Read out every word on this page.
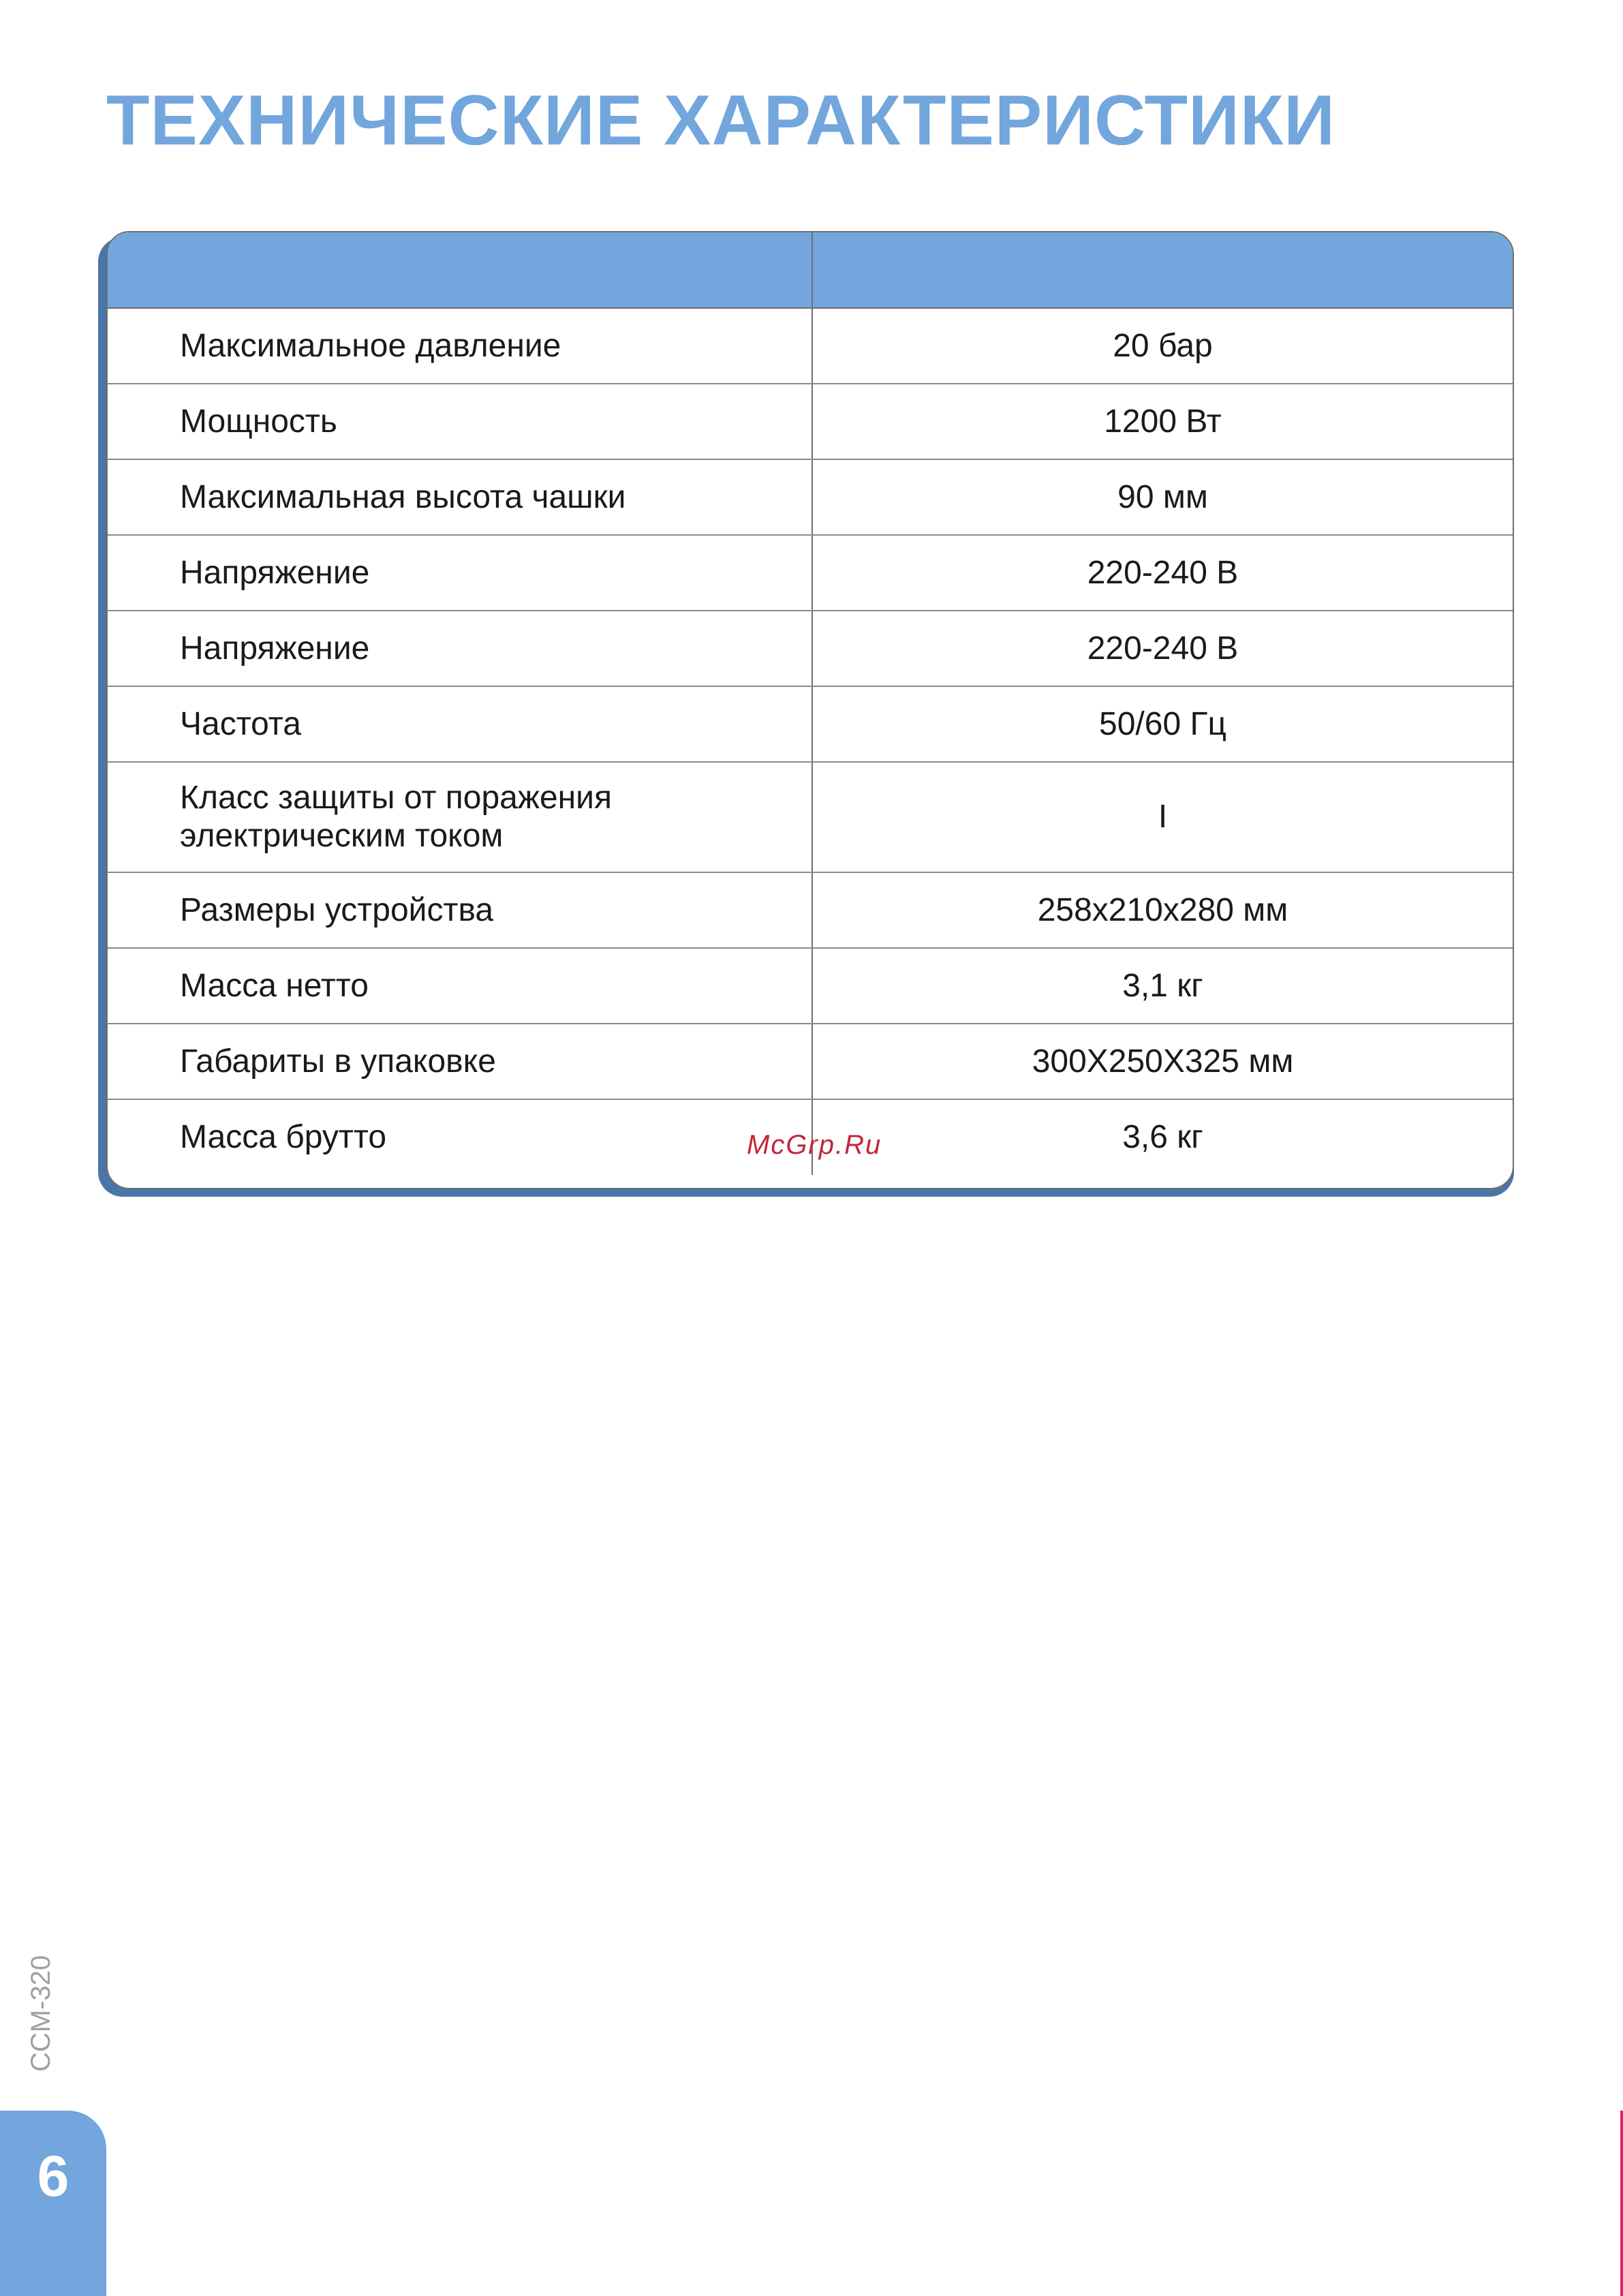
ТЕХНИЧЕСКИЕ ХАРАКТЕРИСТИКИ

Максимальное давление	20 бар
Мощность	1200 Вт
Максимальная высота чашки	90 мм
Напряжение	220-240 В
Напряжение	220-240 В
Частота	50/60 Гц
Класс защиты от поражения электрическим током	I
Размеры устройства	258x210x280 мм
Масса нетто	3,1 кг
Габариты в упаковке	300X250X325 мм
Масса брутто	3,6 кг
McGrp.Ru
CCM-320
6
